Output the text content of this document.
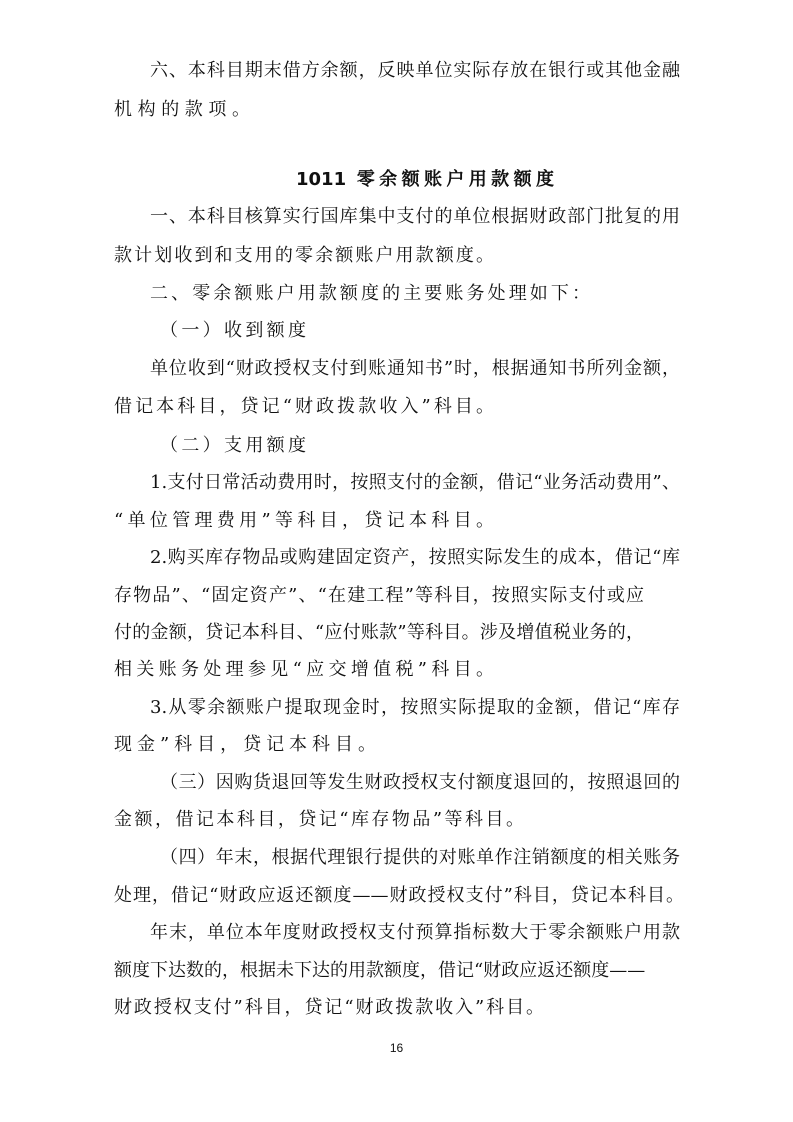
六、本科目期末借方余额，反映单位实际存放在银行或其他金融
机构的款项。
1011 零余额账户用款额度
一、本科目核算实行国库集中支付的单位根据财政部门批复的用
款计划收到和支用的零余额账户用款额度。
二、零余额账户用款额度的主要账务处理如下：
（一）收到额度
单位收到“财政授权支付到账通知书”时，根据通知书所列金额，
借记本科目，贷记“财政拨款收入”科目。
（二）支用额度
1.支付日常活动费用时，按照支付的金额，借记“业务活动费用”、
“单位管理费用”等科目，贷记本科目。
2.购买库存物品或购建固定资产，按照实际发生的成本，借记“库
存物品”、“固定资产”、“在建工程”等科目，按照实际支付或应
付的金额，贷记本科目、“应付账款”等科目。涉及增值税业务的，
相关账务处理参见“应交增值税”科目。
3.从零余额账户提取现金时，按照实际提取的金额，借记“库存
现金”科目，贷记本科目。
（三）因购货退回等发生财政授权支付额度退回的，按照退回的
金额，借记本科目，贷记“库存物品”等科目。
（四）年末，根据代理银行提供的对账单作注销额度的相关账务
处理，借记“财政应返还额度——财政授权支付”科目，贷记本科目。
年末，单位本年度财政授权支付预算指标数大于零余额账户用款
额度下达数的，根据未下达的用款额度，借记“财政应返还额度——
财政授权支付”科目，贷记“财政拨款收入”科目。
16
